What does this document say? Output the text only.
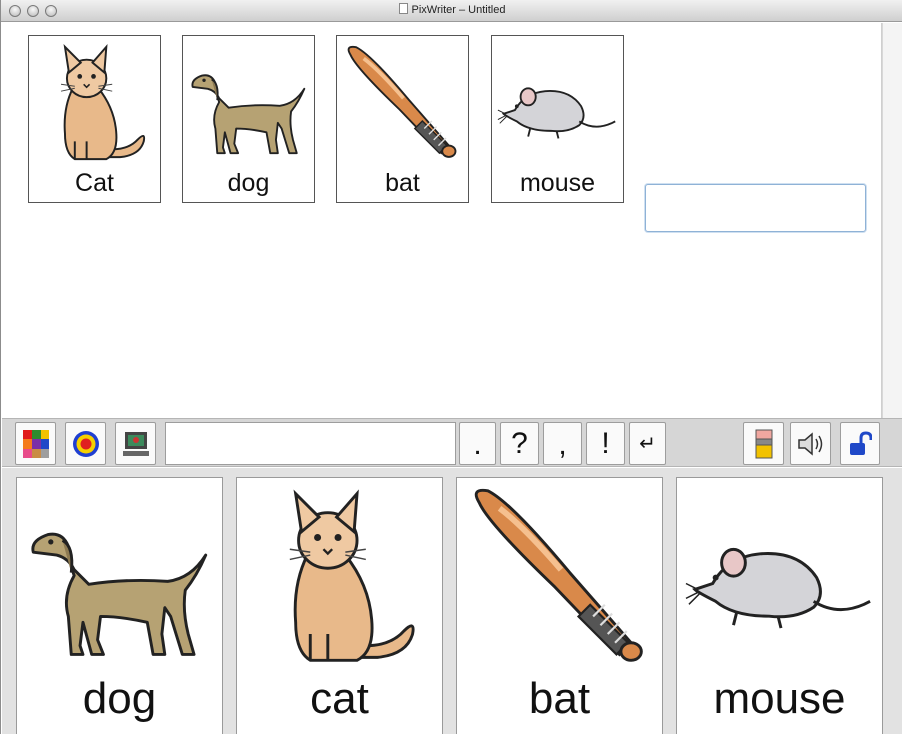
PixWriter – Untitled
Cat	dog	bat	mouse
. ? , ! ↵
dog	cat	bat	mouse
